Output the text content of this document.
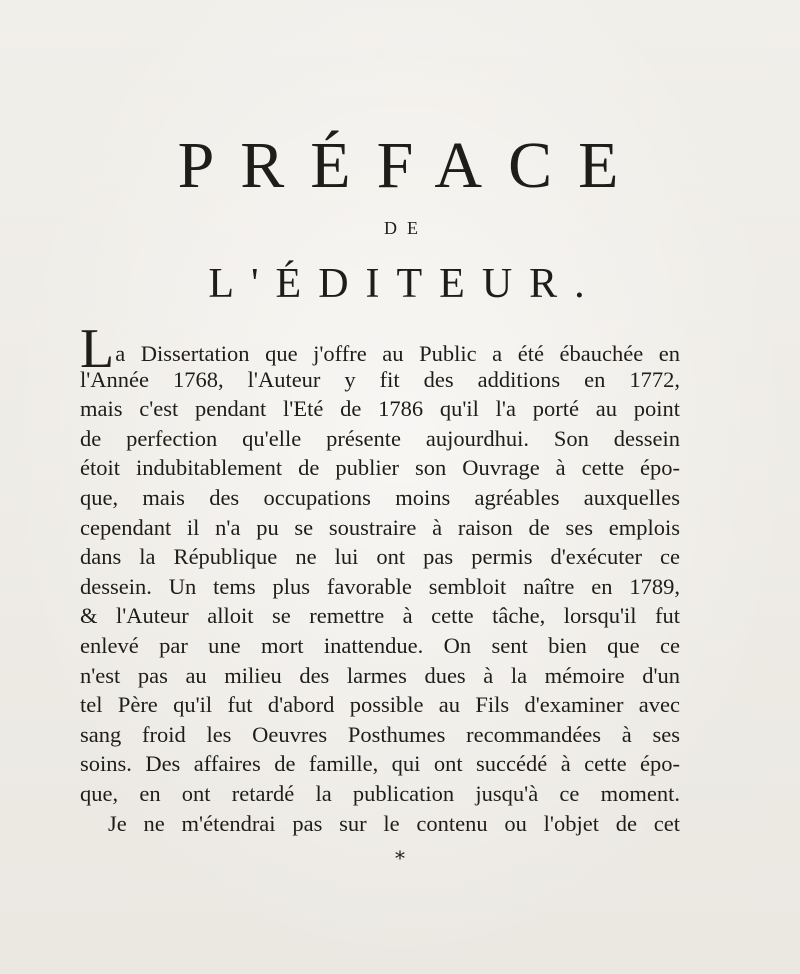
PRÉFACE
DE
L'ÉDITEUR.
La Dissertation que j'offre au Public a été ébauchée en
l'Année 1768, l'Auteur y fit des additions en 1772,
mais c'est pendant l'Eté de 1786 qu'il l'a porté au point
de perfection qu'elle présente aujourdhui. Son dessein
étoit indubitablement de publier son Ouvrage à cette épo-
que, mais des occupations moins agréables auxquelles
cependant il n'a pu se soustraire à raison de ses emplois
dans la République ne lui ont pas permis d'exécuter ce
dessein. Un tems plus favorable sembloit naître en 1789,
& l'Auteur alloit se remettre à cette tâche, lorsqu'il fut
enlevé par une mort inattendue. On sent bien que ce
n'est pas au milieu des larmes dues à la mémoire d'un
tel Père qu'il fut d'abord possible au Fils d'examiner avec
sang froid les Oeuvres Posthumes recommandées à ses
soins. Des affaires de famille, qui ont succédé à cette épo-
que, en ont retardé la publication jusqu'à ce moment.
Je ne m'étendrai pas sur le contenu ou l'objet de cet
*
